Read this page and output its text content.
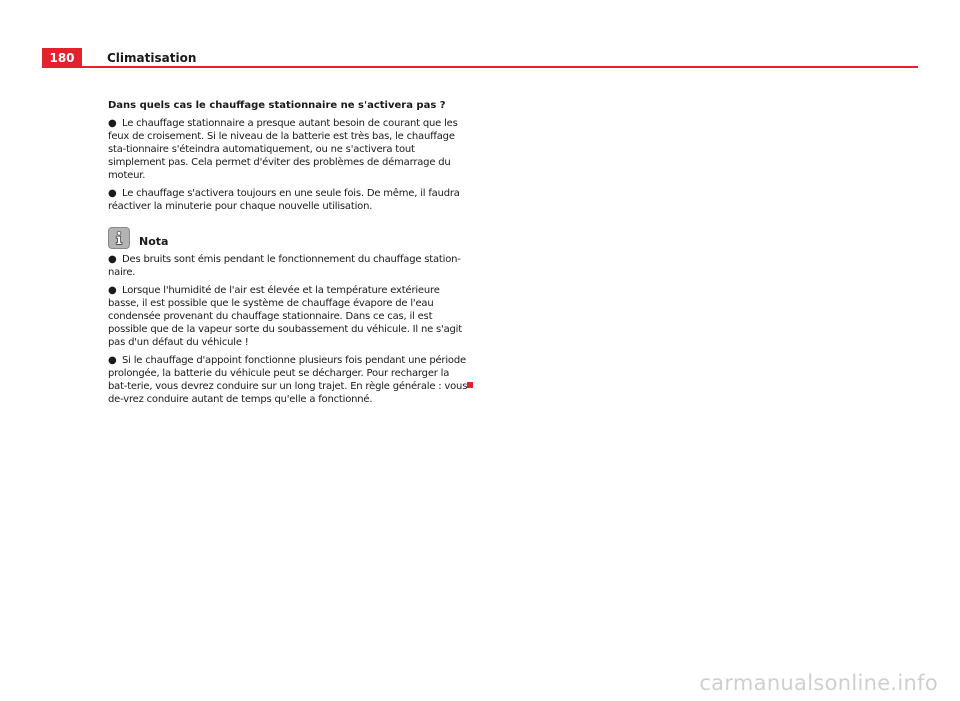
180	Climatisation
Dans quels cas le chauffage stationnaire ne s'activera pas ?

● Le chauffage stationnaire a presque autant besoin de courant que les feux de croisement. Si le niveau de la batterie est très bas, le chauffage sta-tionnaire s'éteindra automatiquement, ou ne s'activera tout simplement pas. Cela permet d'éviter des problèmes de démarrage du moteur.

● Le chauffage s'activera toujours en une seule fois. De même, il faudra réactiver la minuterie pour chaque nouvelle utilisation.

Nota

● Des bruits sont émis pendant le fonctionnement du chauffage station-naire.

● Lorsque l'humidité de l'air est élevée et la température extérieure basse, il est possible que le système de chauffage évapore de l'eau condensée provenant du chauffage stationnaire. Dans ce cas, il est possible que de la vapeur sorte du soubassement du véhicule. Il ne s'agit pas d'un défaut du véhicule !

● Si le chauffage d'appoint fonctionne plusieurs fois pendant une période prolongée, la batterie du véhicule peut se décharger. Pour recharger la bat-terie, vous devrez conduire sur un long trajet. En règle générale : vous de-vrez conduire autant de temps qu'elle a fonctionné.

carmanualsonline.info
